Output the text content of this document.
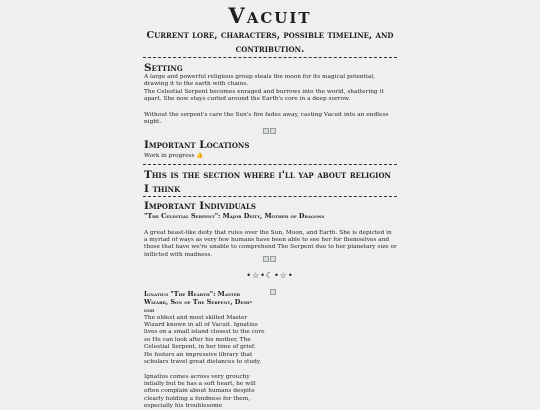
Vacuit
Current lore, characters, possible timeline, and contribution.
Setting
A large and powerful religious group steals the moon for its magical potential, drawing it to the earth with chains.
The Celestial Serpent becomes enraged and burrows into the world, shattering it apart. She now stays curled around the Earth's core in a deep sorrow.
Without the serpent's care the Sun's fire fades away, casting Vacuit into an endless night.
Important Locations
Work in progress 👍
This is the section where i'll yap about religion I think
Important Individuals
"The Celestial Serpent": Major Deity, Mother of Dragons
A great beast-like deity that rules over the Sun, Moon, and Earth. She is depicted in a myriad of ways as very few humans have been able to see her for themselves and those that have we're unable to comprehend The Serpent due to her planetary size or inflicted with madness.
•☆•☾•☆•
Ignatius "The Hearth": Master Wizard, Son of The Serpent, Demi-god
The oldest and most skilled Master Wizard known in all of Vacuit. Ignatius lives on a small island closest to the core so He can look after his mother, The Celestial Serpent, in her time of grief.
He fosters an impressive library that scholars travel great distances to study.
Ignatius comes across very grouchy intially but he has a soft heart, he will often complain about humans despite clearly holding a fondness for them, especially his troublesome
